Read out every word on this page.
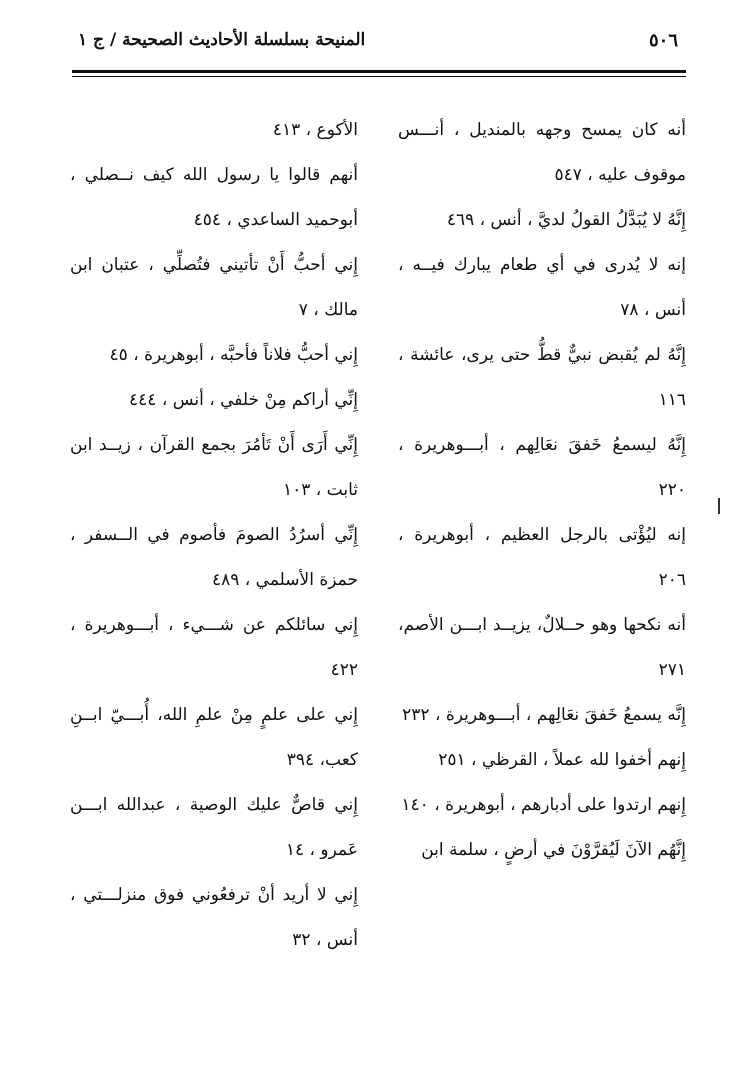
المنيحة بسلسلة الأحاديث الصحيحة / ج ١	٥٠٦

أنه كان يمسح وجهه بالمنديل ، أنـــس موقوف عليه ، ٥٤٧

إِنَّهُ لا يُبَدَّلُ القولُ لديَّ ، أنس ، ٤٦٩

إنه لا يُدرى في أي طعام يبارك فيــه ، أنس ، ٧٨

إِنَّهُ لم يُقبض نبيٌّ قطُّ حتى يرى، عائشة ، ١١٦

إِنَّهُ ليسمعُ خَفقَ نعَالِهم ، أبـــوهريرة ، ٢٢٠

إنه ليُؤْتى بالرجل العظيم ، أبوهريرة ، ٢٠٦

أنه نكحها وهو حــلالٌ، يزيــد ابـــن الأصم، ٢٧١

إِنَّه يسمعُ خَفقَ نعَالِهم ، أبـــوهريرة ، ٢٣٢

إِنهم أخفوا لله عملاً ، القرظي ، ٢٥١

إِنهم ارتدوا على أدبارهم ، أبوهريرة ، ١٤٠

إِنَّهُم الآنَ لَيُقرَّوْنَ في أرضٍ ، سلمة ابن

الأكوع ، ٤١٣

أنهم قالوا يا رسول الله كيف نــصلي ، أبوحميد الساعدي ، ٤٥٤

إِني أحبُّ أَنْ تأتيني فتُصلِّي ، عتبان ابن مالك ، ٧

إِني أحبُّ فلاناً فأحبَّه ، أبوهريرة ، ٤٥

إِنِّي أراكم مِنْ خلفي ، أنس ، ٤٤٤

إِنِّي أَرَى أَنْ تَأمُرَ بجمع القرآن ، زيــد ابن ثابت ، ١٠٣

إِنِّي أسرُدُ الصومَ فأصوم في الــسفر ، حمزة الأسلمي ، ٤٨٩

إِني سائلكم عن شـــيء ، أبـــوهريرة ، ٤٢٢

إِني على علمٍ مِنْ علمِ الله، أُبـــيّ ابــنِ كعب، ٣٩٤

إِني قاصٌّ عليك الوصية ، عبدالله ابـــن عَمرو ، ١٤

إِني لا أريد أنْ ترفعُوني فوق منزلـــتي ، أنس ، ٣٢
